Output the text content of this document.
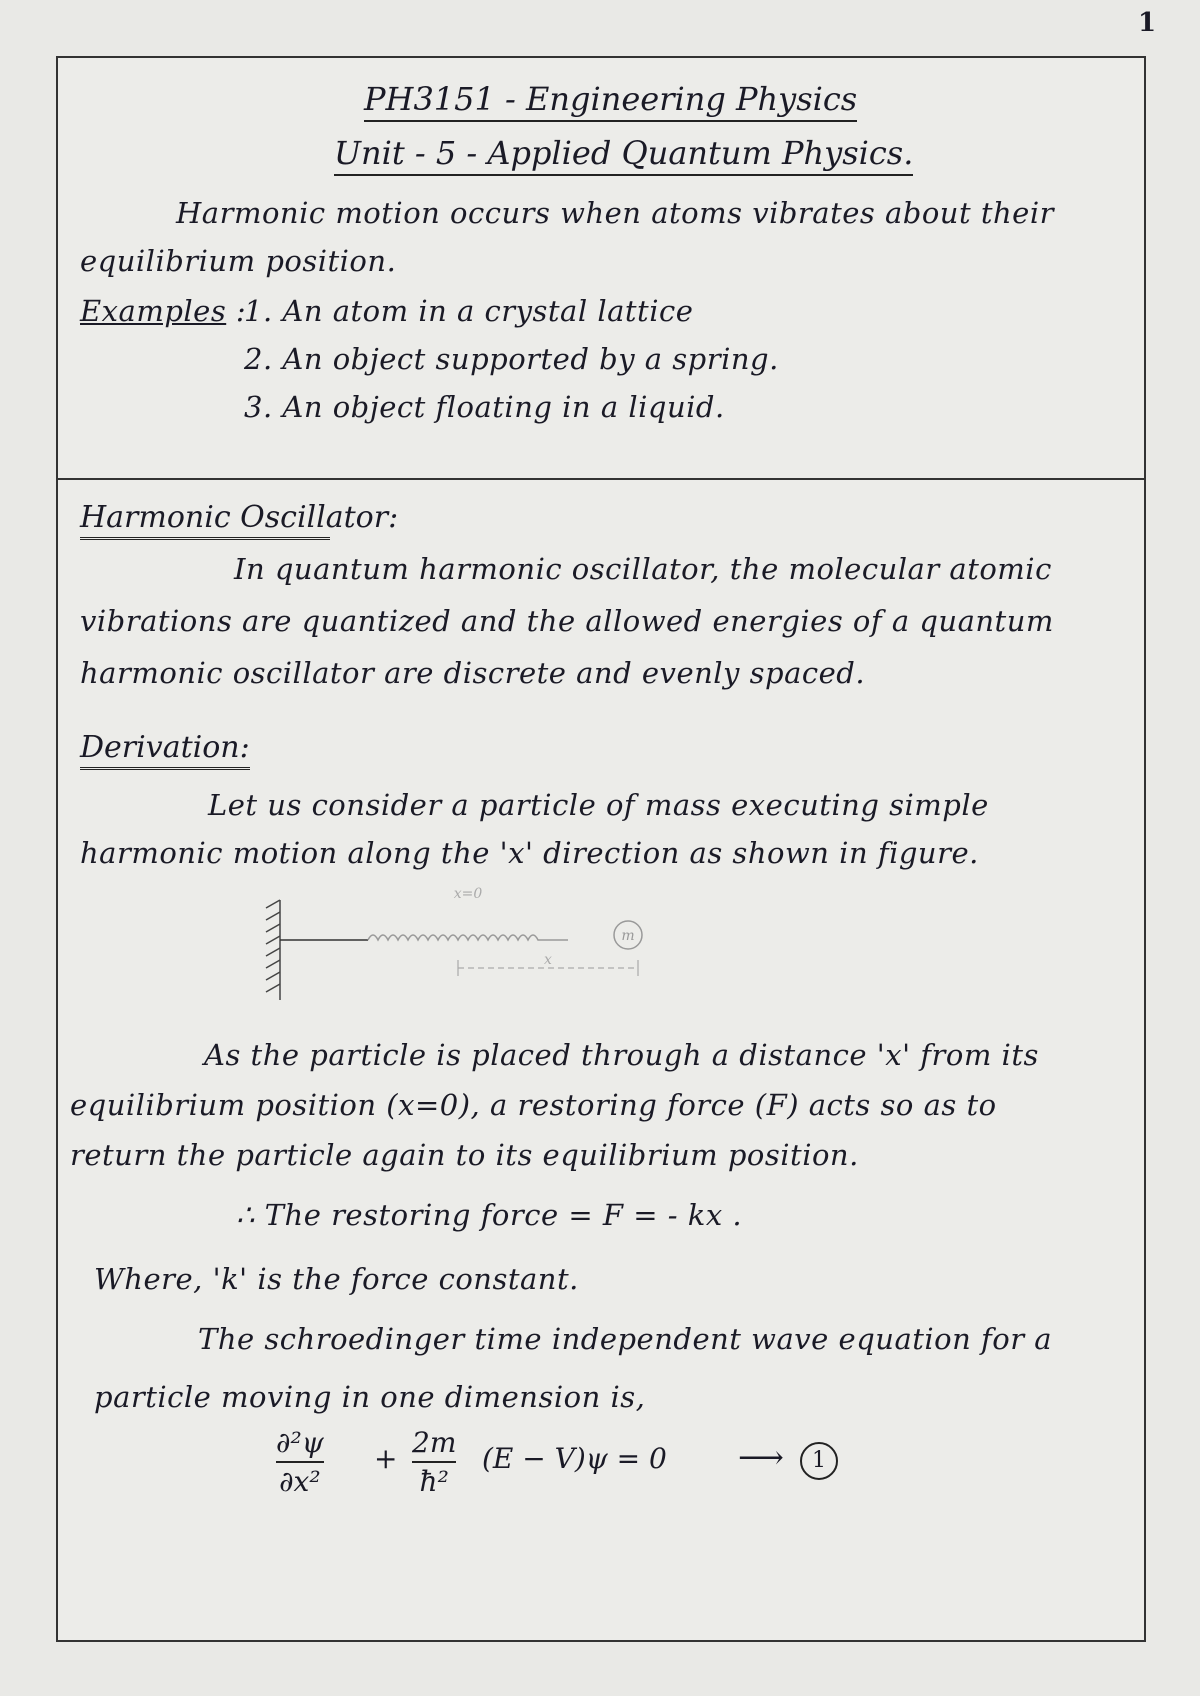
1
PH3151 - Engineering Physics
Unit - 5 - Applied Quantum Physics.
Harmonic motion occurs when atoms vibrates about their
equilibrium position.
Examples :
1. An atom in a crystal lattice
2. An object supported by a spring.
3. An object floating in a liquid.
Harmonic Oscillator:
In quantum harmonic oscillator, the molecular atomic
vibrations are quantized and the allowed energies of a quantum
harmonic oscillator are discrete and evenly spaced.
Derivation:
Let us consider a particle of mass executing simple
harmonic motion along the 'x' direction as shown in figure.
m
x=0
x
As the particle is placed through a distance 'x' from its
equilibrium position (x=0), a restoring force (F) acts so as to
return the particle again to its equilibrium position.
∴ The restoring force = F = - kx .
Where, 'k' is the force constant.
The schroedinger time independent wave equation for a
particle moving in one dimension is,
∂²ψ
∂x²
+ 2m
ħ²
(E − V)ψ = 0 ⟶	1
